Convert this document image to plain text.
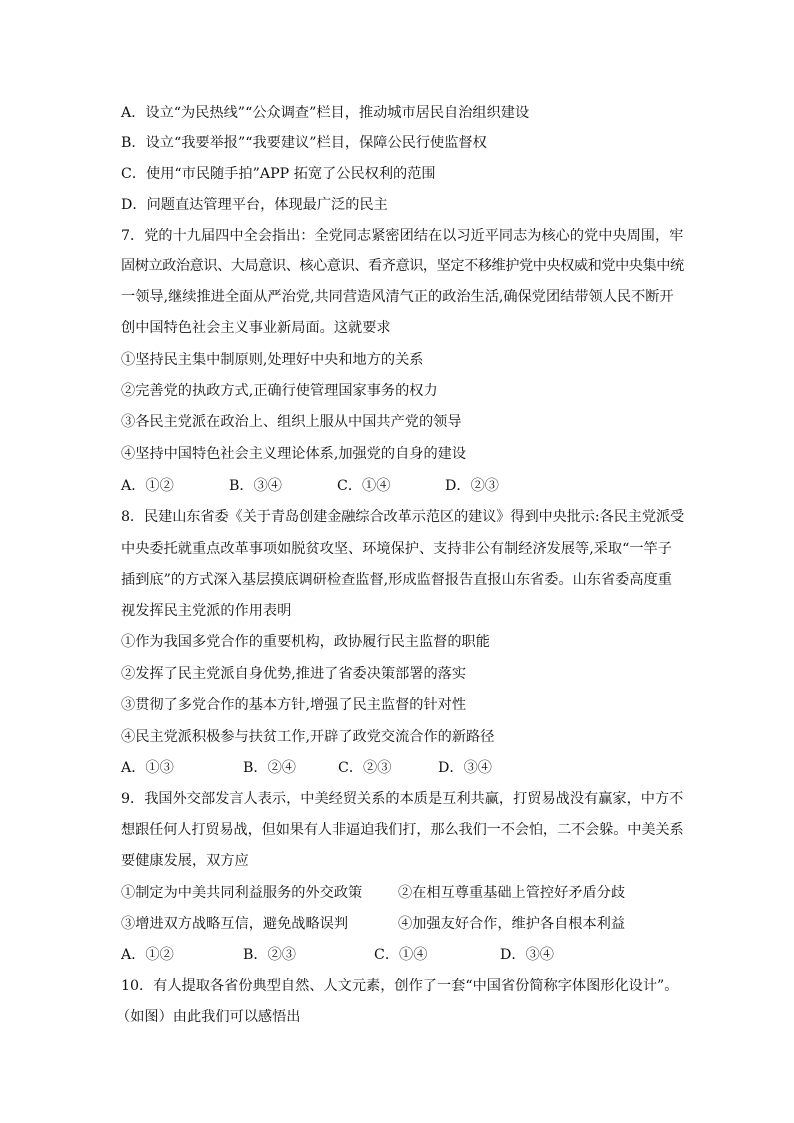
A．设立“为民热线”“公众调查”栏目，推动城市居民自治组织建设
B．设立“我要举报”“我要建议”栏目，保障公民行使监督权
C．使用“市民随手拍”APP 拓宽了公民权利的范围
D．问题直达管理平台，体现最广泛的民主
7．党的十九届四中全会指出：全党同志紧密团结在以习近平同志为核心的党中央周围，牢
固树立政治意识、大局意识、核心意识、看齐意识，坚定不移维护党中央权威和党中央集中统
一领导,继续推进全面从严治党,共同营造风清气正的政治生活,确保党团结带领人民不断开
创中国特色社会主义事业新局面。这就要求
①坚持民主集中制原则,处理好中央和地方的关系
②完善党的执政方式,正确行使管理国家事务的权力
③各民主党派在政治上、组织上服从中国共产党的领导
④坚持中国特色社会主义理论体系,加强党的自身的建设
A．①②	B．③④	C．①④	D．②③
8．民建山东省委《关于青岛创建金融综合改革示范区的建议》得到中央批示:各民主党派受
中央委托就重点改革事项如脱贫攻坚、环境保护、支持非公有制经济发展等,采取“一竿子
插到底”的方式深入基层摸底调研检查监督,形成监督报告直报山东省委。山东省委高度重
视发挥民主党派的作用表明
①作为我国多党合作的重要机构，政协履行民主监督的职能
②发挥了民主党派自身优势,推进了省委决策部署的落实
③贯彻了多党合作的基本方针,增强了民主监督的针对性
④民主党派积极参与扶贫工作,开辟了政党交流合作的新路径
A．①③	B．②④	C．②③	D．③④
9．我国外交部发言人表示，中美经贸关系的本质是互利共赢，打贸易战没有赢家，中方不
想跟任何人打贸易战，但如果有人非逼迫我们打，那么我们一不会怕，二不会躲。中美关系
要健康发展，双方应
①制定为中美共同利益服务的外交政策	②在相互尊重基础上管控好矛盾分歧
③增进双方战略互信，避免战略误判	④加强友好合作，维护各自根本利益
A．①②	B．②③	C．①④	D．③④
10．有人提取各省份典型自然、人文元素，创作了一套“中国省份简称字体图形化设计”。
（如图）由此我们可以感悟出
